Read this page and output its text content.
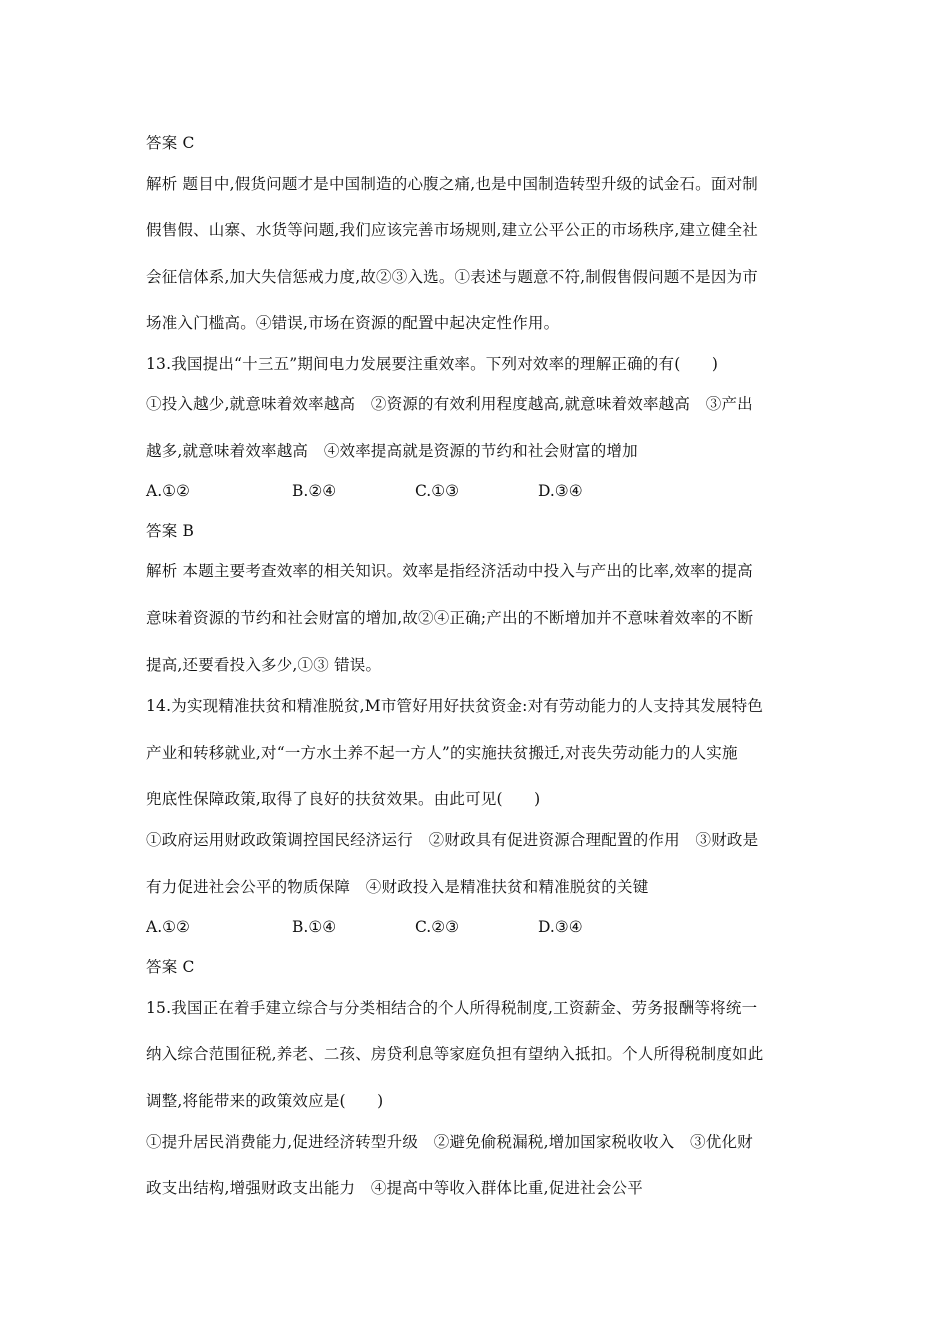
答案 C
解析 题目中,假货问题才是中国制造的心腹之痛,也是中国制造转型升级的试金石。面对制
假售假、山寨、水货等问题,我们应该完善市场规则,建立公平公正的市场秩序,建立健全社
会征信体系,加大失信惩戒力度,故②③入选。①表述与题意不符,制假售假问题不是因为市
场准入门槛高。④错误,市场在资源的配置中起决定性作用。
13.我国提出“十三五”期间电力发展要注重效率。下列对效率的理解正确的有(　　)
①投入越少,就意味着效率越高　②资源的有效利用程度越高,就意味着效率越高　③产出
越多,就意味着效率越高　④效率提高就是资源的节约和社会财富的增加
A.①②	B.②④	C.①③	D.③④
答案 B
解析 本题主要考查效率的相关知识。效率是指经济活动中投入与产出的比率,效率的提高
意味着资源的节约和社会财富的增加,故②④正确;产出的不断增加并不意味着效率的不断
提高,还要看投入多少,①③ 错误。
14.为实现精准扶贫和精准脱贫,M市管好用好扶贫资金:对有劳动能力的人支持其发展特色
产业和转移就业,对“一方水土养不起一方人”的实施扶贫搬迁,对丧失劳动能力的人实施
兜底性保障政策,取得了良好的扶贫效果。由此可见(　　)
①政府运用财政政策调控国民经济运行　②财政具有促进资源合理配置的作用　③财政是
有力促进社会公平的物质保障　④财政投入是精准扶贫和精准脱贫的关键
A.①②	B.①④	C.②③	D.③④
答案 C
15.我国正在着手建立综合与分类相结合的个人所得税制度,工资薪金、劳务报酬等将统一
纳入综合范围征税,养老、二孩、房贷利息等家庭负担有望纳入抵扣。个人所得税制度如此
调整,将能带来的政策效应是(　　)
①提升居民消费能力,促进经济转型升级　②避免偷税漏税,增加国家税收收入　③优化财
政支出结构,增强财政支出能力　④提高中等收入群体比重,促进社会公平
